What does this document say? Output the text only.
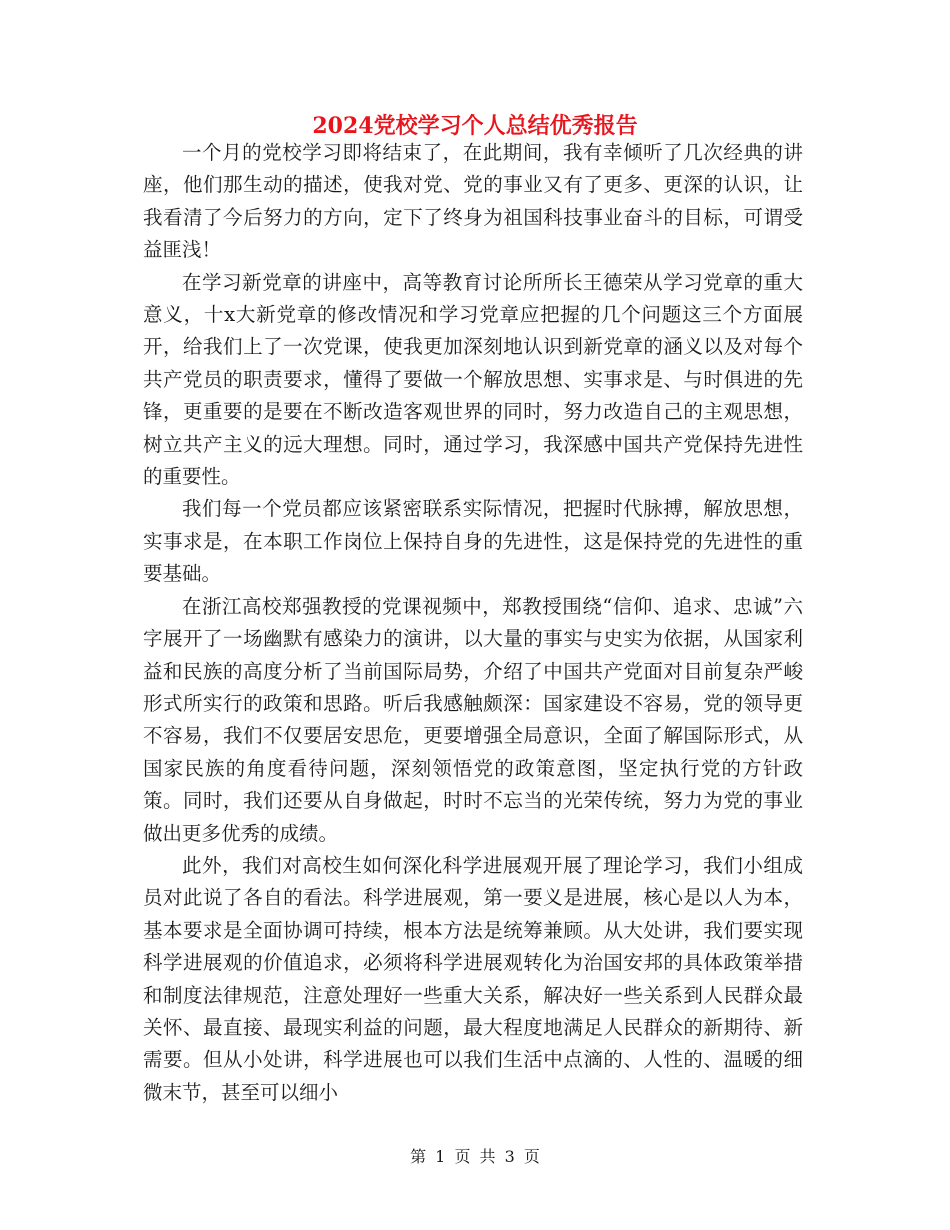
2024党校学习个人总结优秀报告

一个月的党校学习即将结束了，在此期间，我有幸倾听了几次经典的讲座，他们那生动的描述，使我对党、党的事业又有了更多、更深的认识，让我看清了今后努力的方向，定下了终身为祖国科技事业奋斗的目标，可谓受益匪浅！

在学习新党章的讲座中，高等教育讨论所所长王德荣从学习党章的重大意义，十x大新党章的修改情况和学习党章应把握的几个问题这三个方面展开，给我们上了一次党课，使我更加深刻地认识到新党章的涵义以及对每个共产党员的职责要求，懂得了要做一个解放思想、实事求是、与时俱进的先锋，更重要的是要在不断改造客观世界的同时，努力改造自己的主观思想，树立共产主义的远大理想。同时，通过学习，我深感中国共产党保持先进性的重要性。

我们每一个党员都应该紧密联系实际情况，把握时代脉搏，解放思想，实事求是，在本职工作岗位上保持自身的先进性，这是保持党的先进性的重要基础。

在浙江高校郑强教授的党课视频中，郑教授围绕“信仰、追求、忠诚”六字展开了一场幽默有感染力的演讲，以大量的事实与史实为依据，从国家利益和民族的高度分析了当前国际局势，介绍了中国共产党面对目前复杂严峻形式所实行的政策和思路。听后我感触颇深：国家建设不容易，党的领导更不容易，我们不仅要居安思危，更要增强全局意识，全面了解国际形式，从国家民族的角度看待问题，深刻领悟党的政策意图，坚定执行党的方针政策。同时，我们还要从自身做起，时时不忘当的光荣传统，努力为党的事业做出更多优秀的成绩。

此外，我们对高校生如何深化科学进展观开展了理论学习，我们小组成员对此说了各自的看法。科学进展观，第一要义是进展，核心是以人为本，基本要求是全面协调可持续，根本方法是统筹兼顾。从大处讲，我们要实现科学进展观的价值追求，必须将科学进展观转化为治国安邦的具体政策举措和制度法律规范，注意处理好一些重大关系，解决好一些关系到人民群众最关怀、最直接、最现实利益的问题，最大程度地满足人民群众的新期待、新需要。但从小处讲，科学进展也可以我们生活中点滴的、人性的、温暖的细微末节，甚至可以细小

第 1 页 共 3 页
